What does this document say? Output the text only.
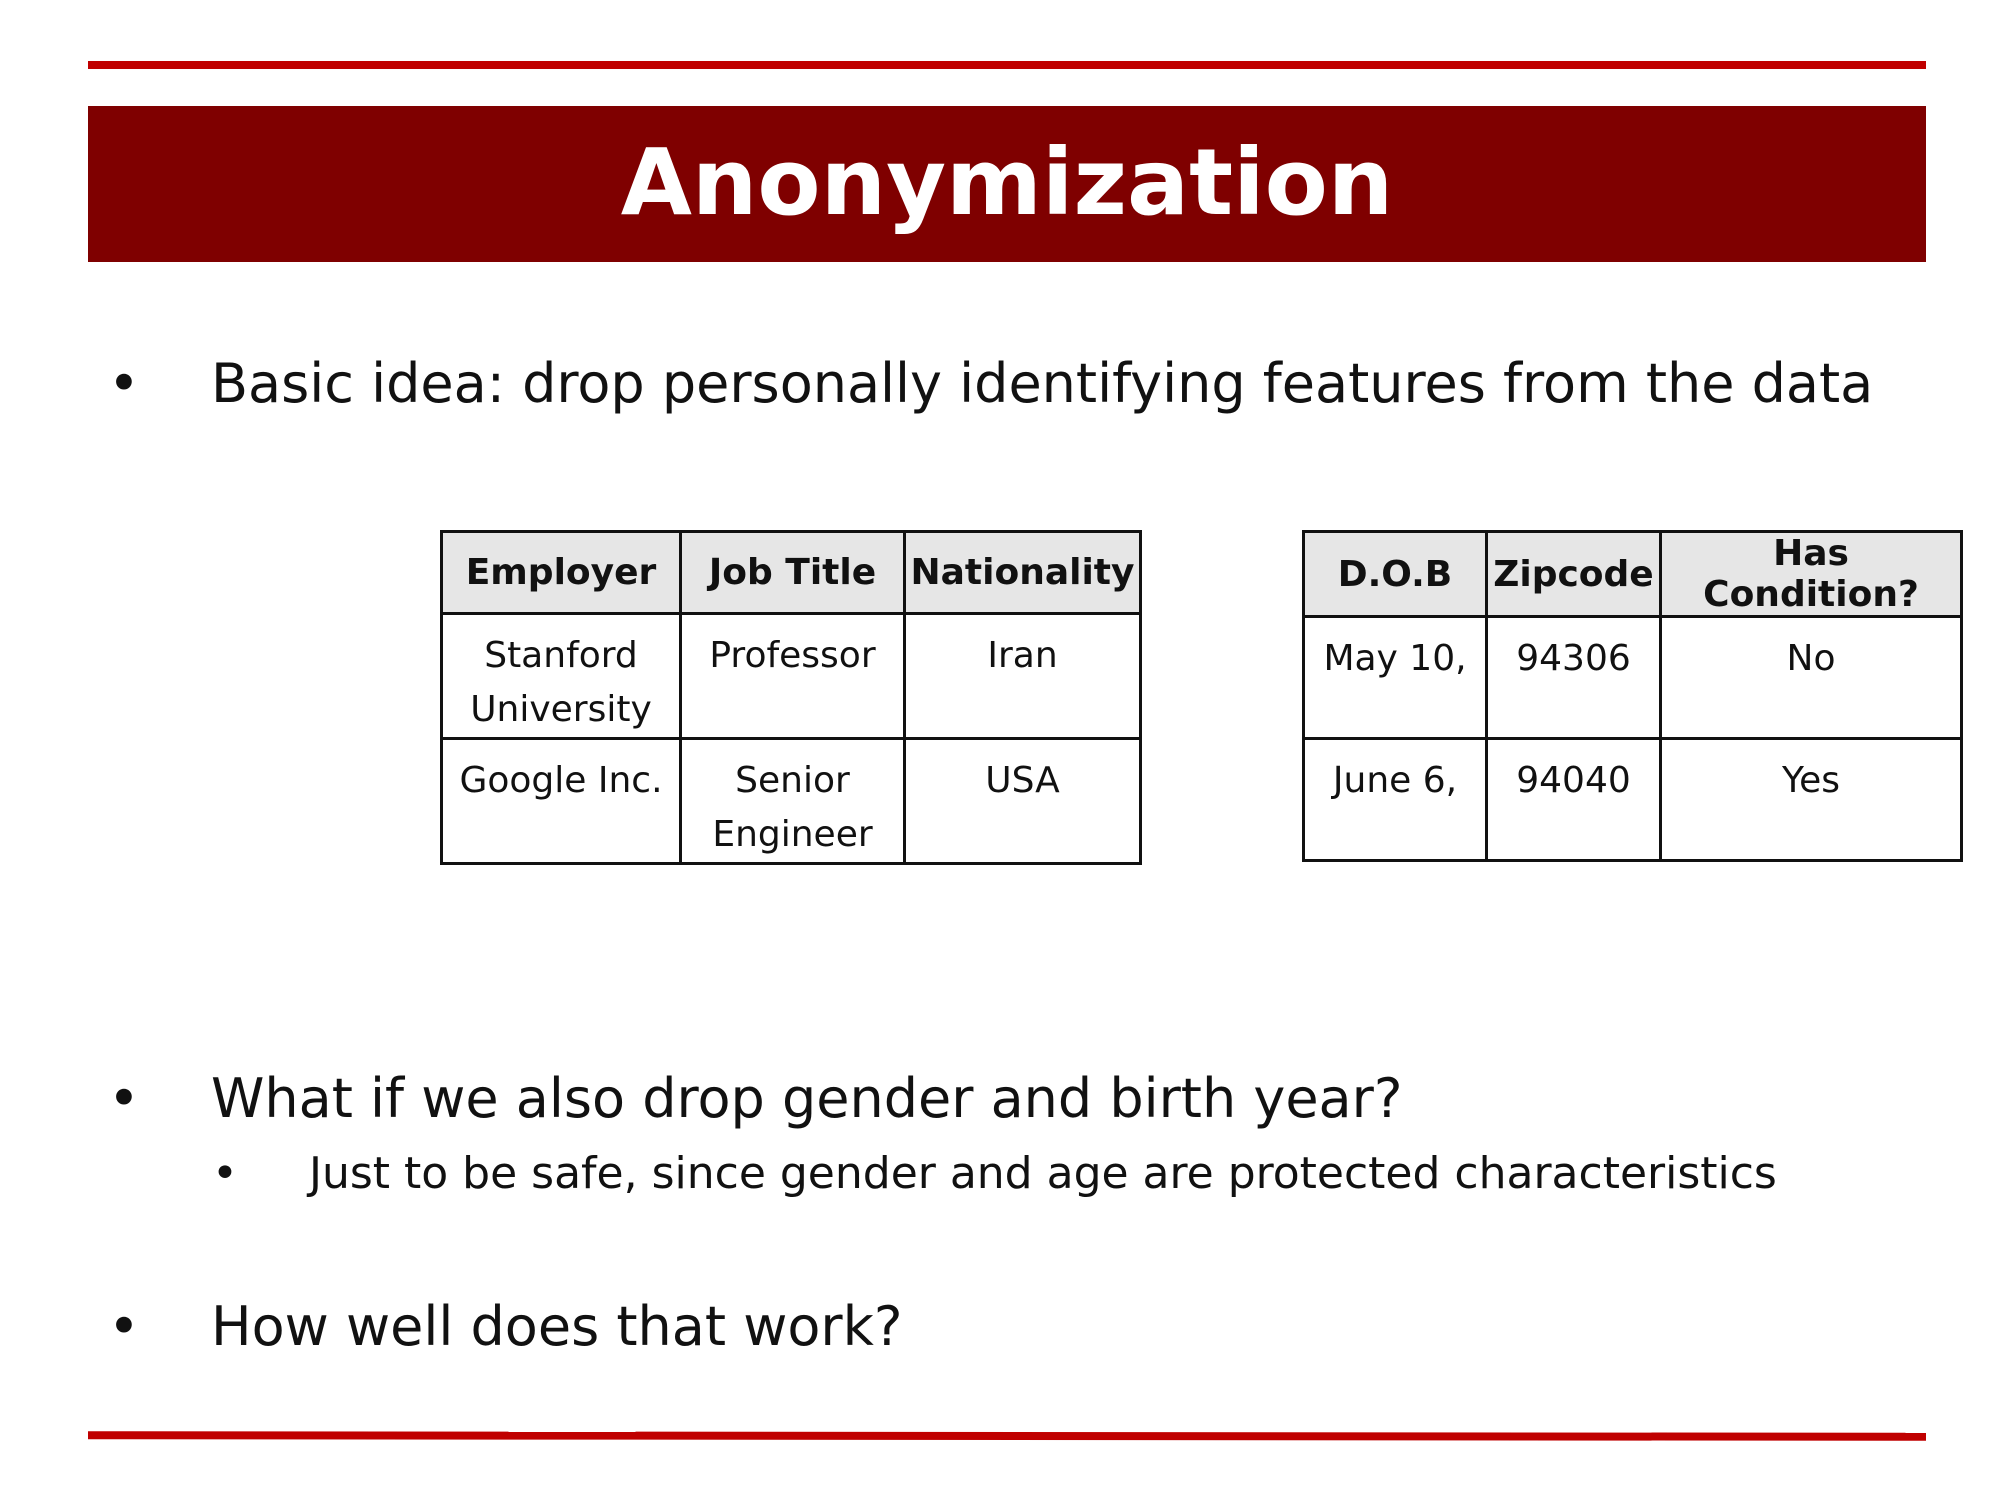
Anonymization
• Basic idea: drop personally identifying features from the data
Employer	Job Title	Nationality
Stanford University	Professor	Iran
Google Inc.	Senior Engineer	USA
D.O.B	Zipcode	Has Condition?
May 10,	94306	No
June 6,	94040	Yes
• What if we also drop gender and birth year?
• Just to be safe, since gender and age are protected characteristics
• How well does that work?
